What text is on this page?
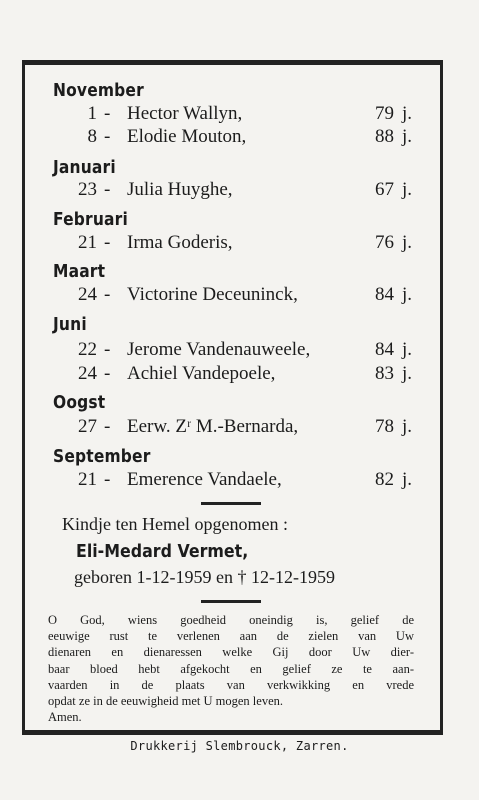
November
1 - Hector Wallyn,	79 j.
8 - Elodie Mouton,	88 j.
Januari
23 - Julia Huyghe,	67 j.
Februari
21 - Irma Goderis,	76 j.
Maart
24 - Victorine Deceuninck,	84 j.
Juni
22 - Jerome Vandenauweele,	84 j.
24 - Achiel Vandepoele,	83 j.
Oogst
27 - Eerw. Zʳ M.-Bernarda,	78 j.
September
21 - Emerence Vandaele,	82 j.
Kindje ten Hemel opgenomen :
Eli-Medard Vermet,
geboren 1-12-1959 en † 12-12-1959
O God, wiens goedheid oneindig is, gelief de
eeuwige rust te verlenen aan de zielen van Uw
dienaren en dienaressen welke Gij door Uw dier-
baar bloed hebt afgekocht en gelief ze te aan-
vaarden in de plaats van verkwikking en vrede
opdat ze in de eeuwigheid met U mogen leven.
Amen.
Drukkerij Slembrouck, Zarren.
